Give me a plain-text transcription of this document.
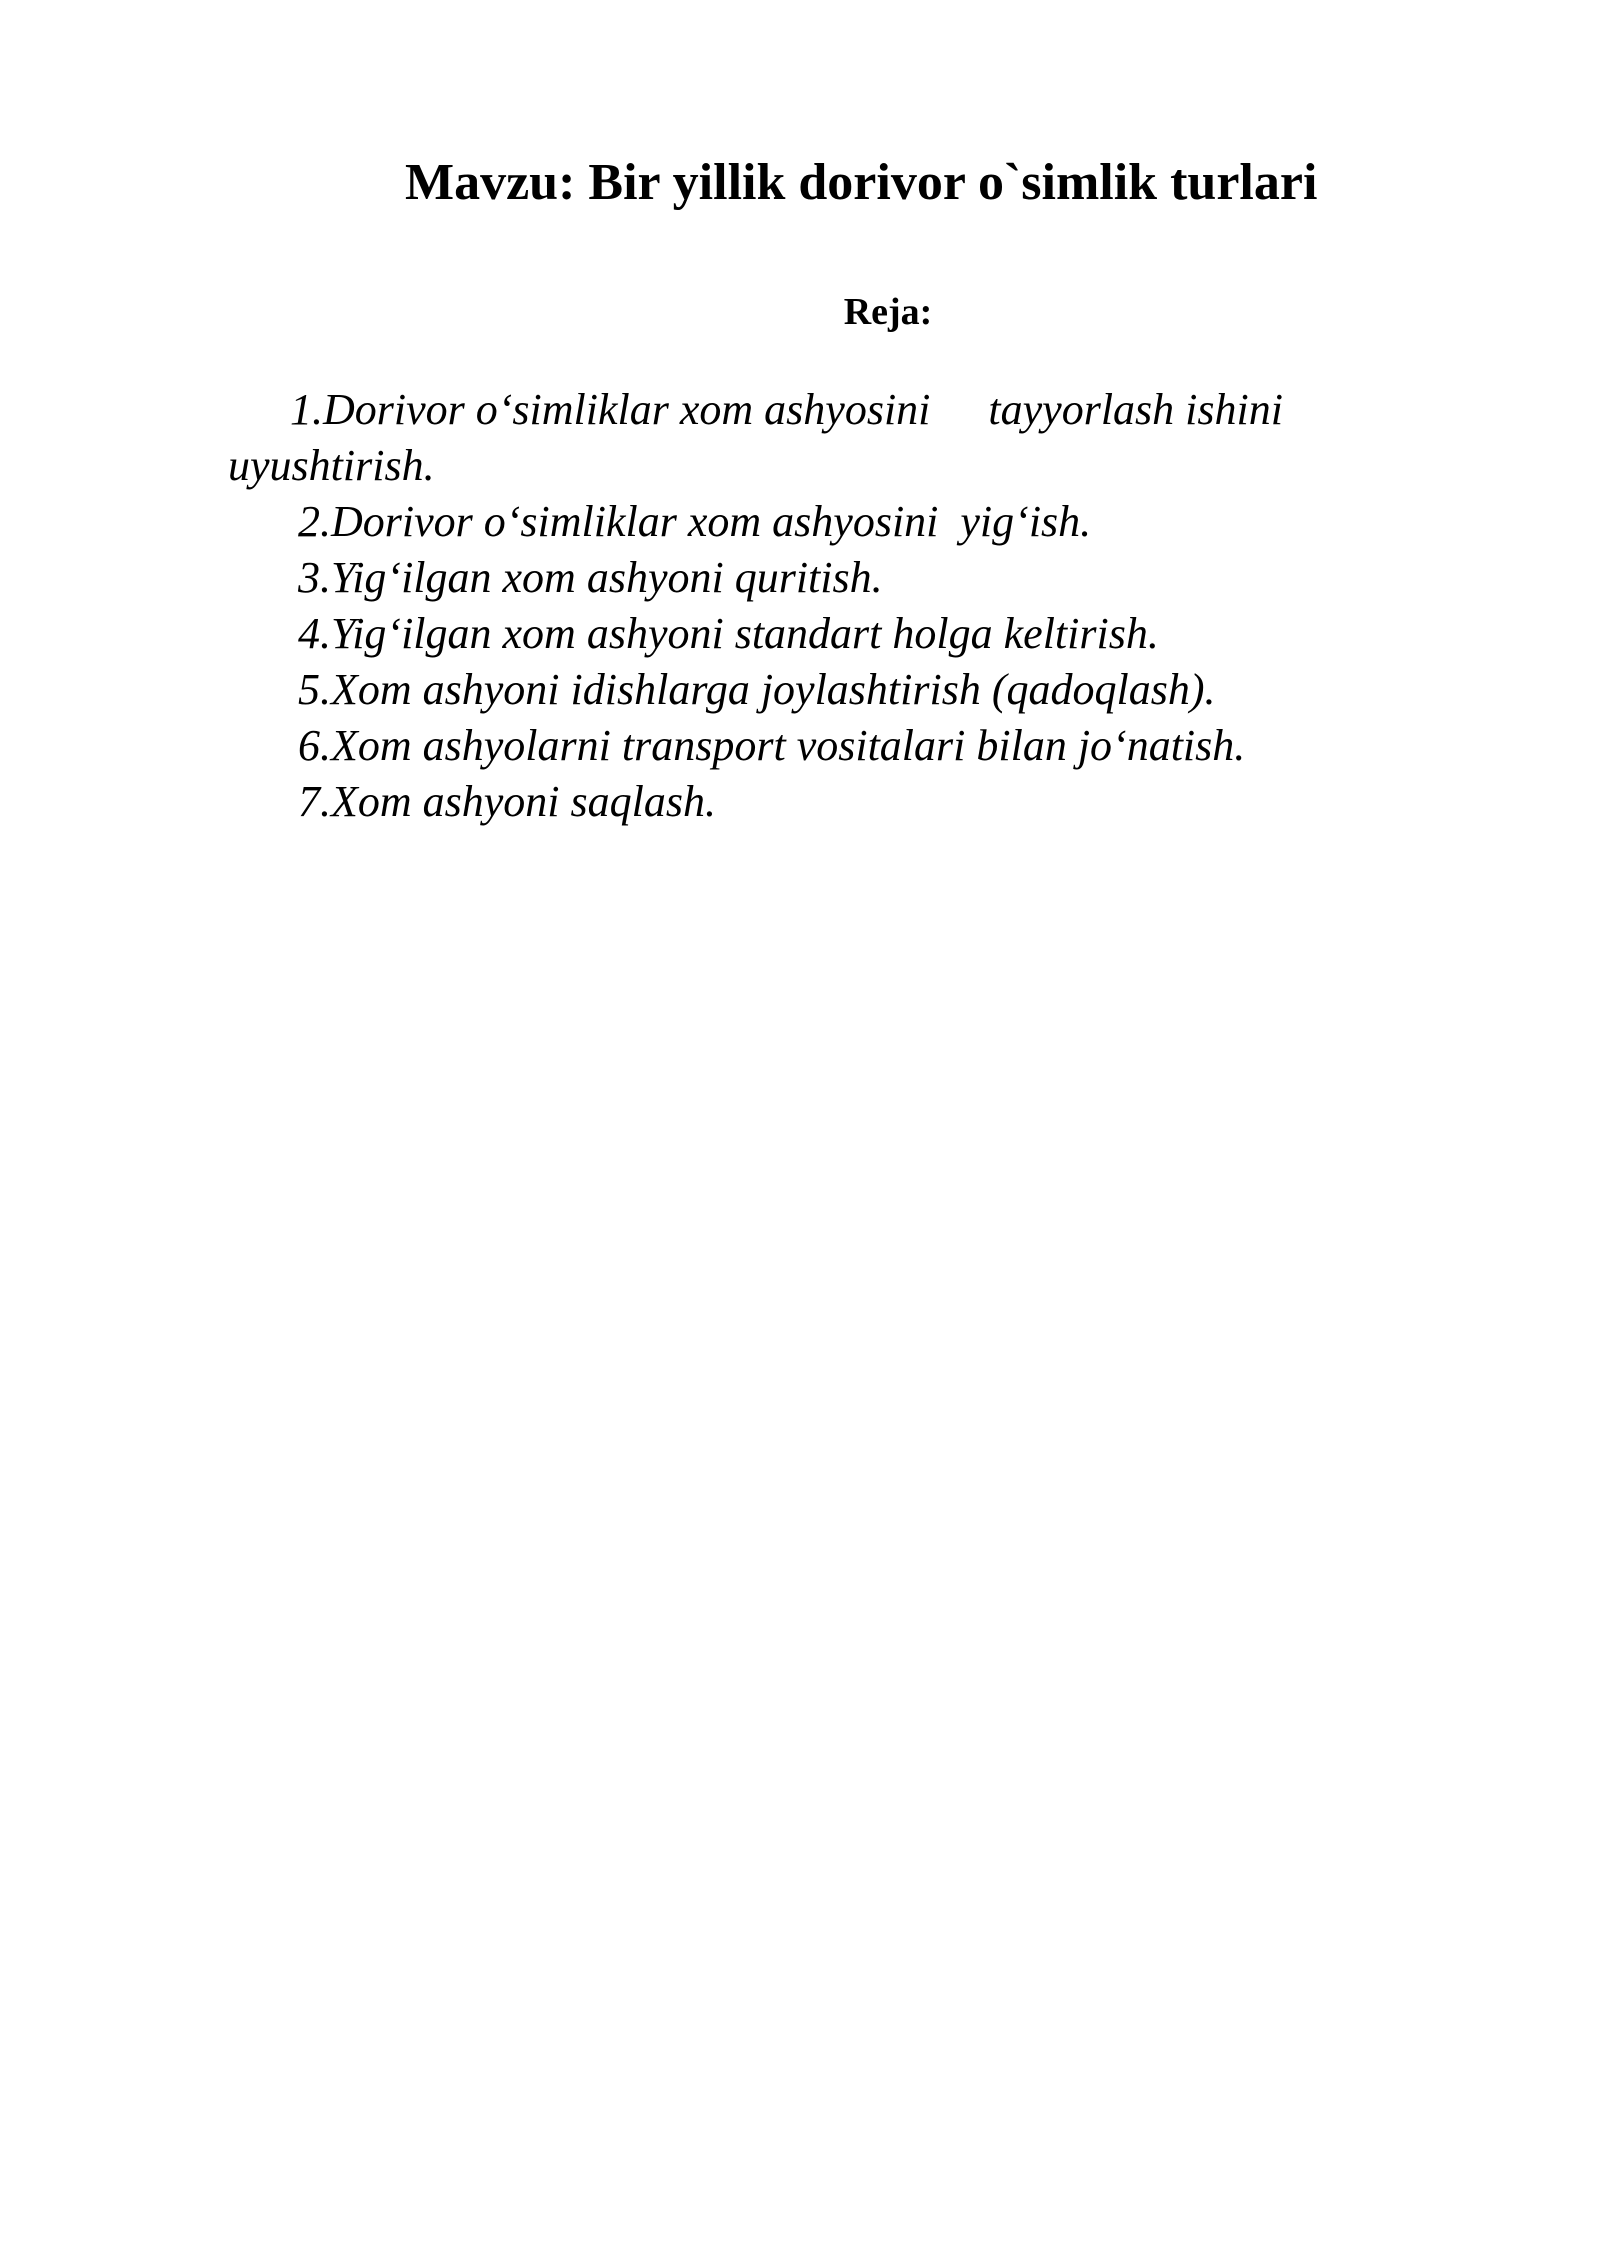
Mavzu: Bir yillik dorivor o`simlik turlari
Reja:

1.Dorivor o‘simliklar xom ashyosini tayyorlash ishini
uyushtirish.

2.Dorivor o‘simliklar xom ashyosini  yig‘ish.

3.Yig‘ilgan xom ashyoni quritish.

4.Yig‘ilgan xom ashyoni standart holga keltirish.

5.Xom ashyoni idishlarga joylashtirish (qadoqlash).

6.Xom ashyolarni transport vositalari bilan jo‘natish.

7.Xom ashyoni saqlash.
